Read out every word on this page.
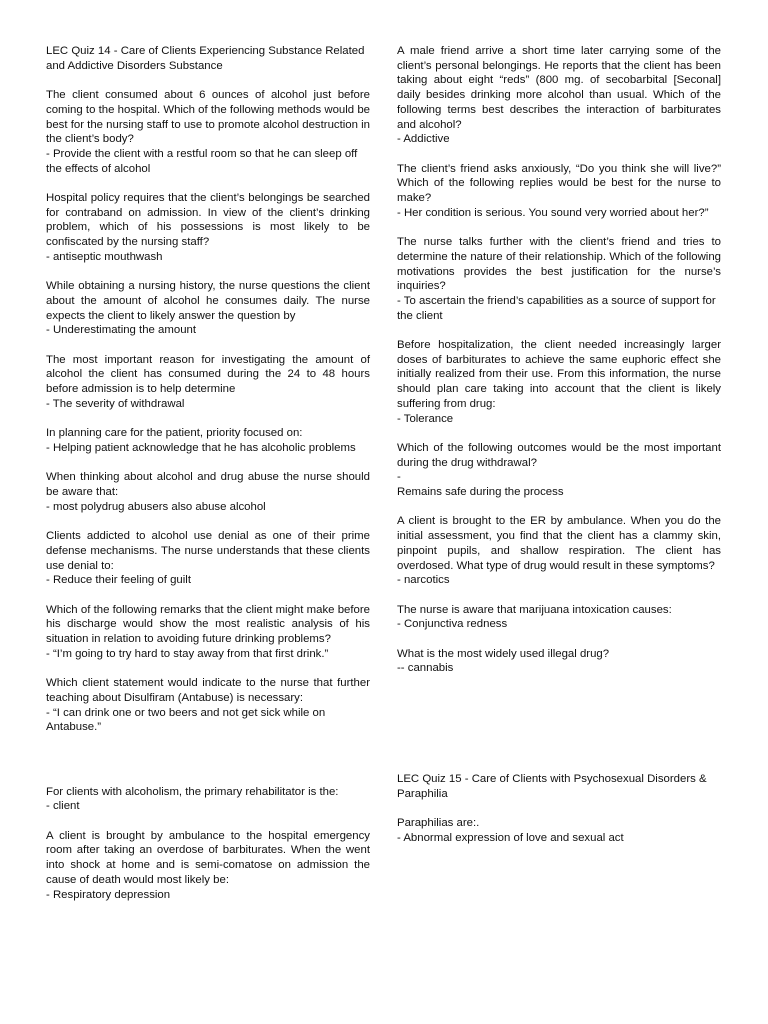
LEC Quiz 14 - Care of Clients Experiencing Substance Related and Addictive Disorders Substance

The client consumed about 6 ounces of alcohol just before coming to the hospital. Which of the following methods would be best for the nursing staff to use to promote alcohol destruction in the client’s body?

- Provide the client with a restful room so that he can sleep off the effects of alcohol

Hospital policy requires that the client’s belongings be searched for contraband on admission. In view of the client’s drinking problem, which of his possessions is most likely to be confiscated by the nursing staff?

- antiseptic mouthwash

While obtaining a nursing history, the nurse questions the client about the amount of alcohol he consumes daily. The nurse expects the client to likely answer the question by

- Underestimating the amount

The most important reason for investigating the amount of alcohol the client has consumed during the 24 to 48 hours before admission is to help determine

- The severity of withdrawal

In planning care for the patient, priority focused on:

- Helping patient acknowledge that he has alcoholic problems

When thinking about alcohol and drug abuse the nurse should be aware that:

- most polydrug abusers also abuse alcohol

Clients addicted to alcohol use denial as one of their prime defense mechanisms. The nurse understands that these clients use denial to:

- Reduce their feeling of guilt

Which of the following remarks that the client might make before his discharge would show the most realistic analysis of his situation in relation to avoiding future drinking problems?

- “I’m going to try hard to stay away from that first drink.”

Which client statement would indicate to the nurse that further teaching about Disulfiram (Antabuse) is necessary:

- “I can drink one or two beers and not get sick while on Antabuse.”

For clients with alcoholism, the primary rehabilitator is the:

- client

A client is brought by ambulance to the hospital emergency room after taking an overdose of barbiturates. When the went into shock at home and is semi-comatose on admission the cause of death would most likely be:

- Respiratory depression

A male friend arrive a short time later carrying some of the client’s personal belongings. He reports that the client has been taking about eight “reds” (800 mg. of secobarbital [Seconal] daily besides drinking more alcohol than usual. Which of the following terms best describes the interaction of barbiturates and alcohol?

- Addictive

The client’s friend asks anxiously, “Do you think she will live?” Which of the following replies would be best for the nurse to make?

- Her condition is serious. You sound very worried about her?”

The nurse talks further with the client’s friend and tries to determine the nature of their relationship. Which of the following motivations provides the best justification for the nurse’s inquiries?

- To ascertain the friend’s capabilities as a source of support for the client

Before hospitalization, the client needed increasingly larger doses of barbiturates to achieve the same euphoric effect she initially realized from their use. From this information, the nurse should plan care taking into account that the client is likely suffering from drug:

- Tolerance

Which of the following outcomes would be the most important during the drug withdrawal?

-

Remains safe during the process

A client is brought to the ER by ambulance. When you do the initial assessment, you find that the client has a clammy skin, pinpoint pupils, and shallow respiration. The client has overdosed. What type of drug would result in these symptoms?

- narcotics

The nurse is aware that marijuana intoxication causes:

- Conjunctiva redness

What is the most widely used illegal drug?

-- cannabis

LEC Quiz 15 - Care of Clients with Psychosexual Disorders & Paraphilia

Paraphilias are:.

- Abnormal expression of love and sexual act
